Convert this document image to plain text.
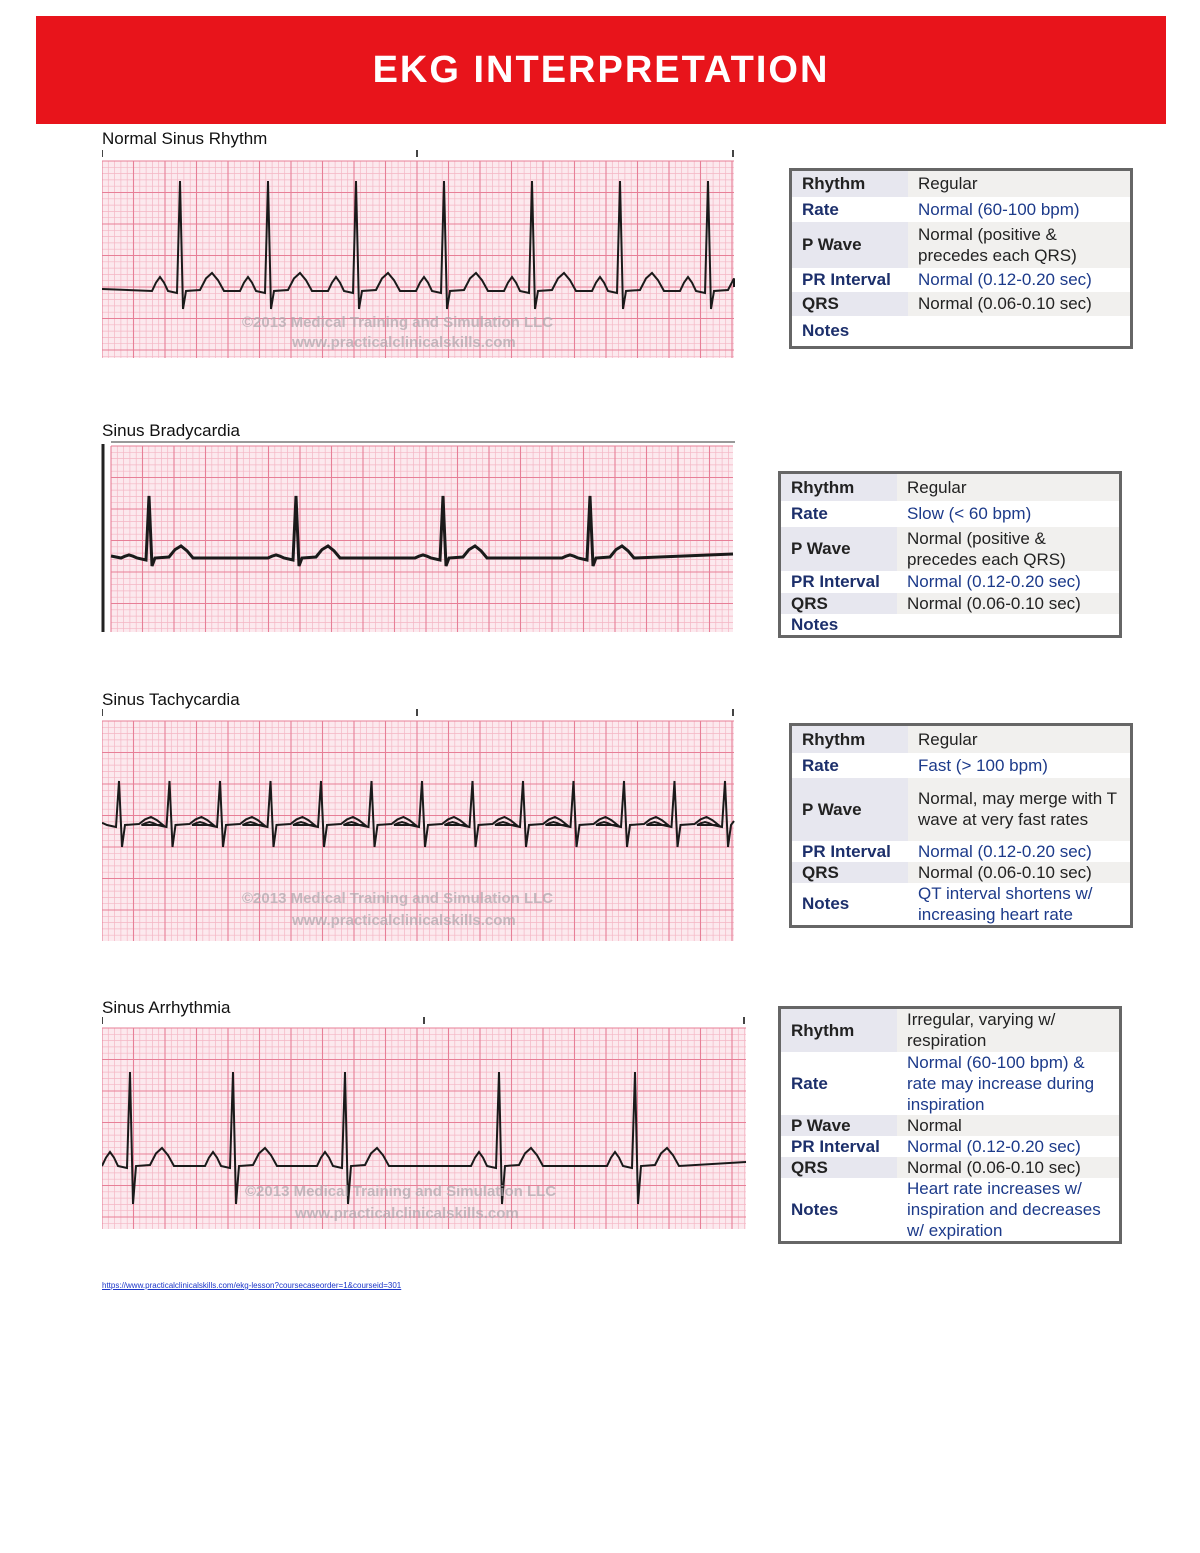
EKG INTERPRETATION
Normal Sinus Rhythm
©2013 Medical Training and Simulation LLC
www.practicalclinicalskills.com
Rhythm	Regular
Rate	Normal (60-100 bpm)
P Wave	Normal (positive & precedes each QRS)
PR Interval	Normal (0.12-0.20 sec)
QRS	Normal (0.06-0.10 sec)
Notes	
Sinus Bradycardia
Rhythm	Regular
Rate	Slow (< 60 bpm)
P Wave	Normal (positive & precedes each QRS)
PR Interval	Normal (0.12-0.20 sec)
QRS	Normal (0.06-0.10 sec)
Notes	
Sinus Tachycardia
©2013 Medical Training and Simulation LLC
www.practicalclinicalskills.com
Rhythm	Regular
Rate	Fast (> 100 bpm)
P Wave	Normal, may merge with T wave at very fast rates
PR Interval	Normal (0.12-0.20 sec)
QRS	Normal (0.06-0.10 sec)
Notes	QT interval shortens w/ increasing heart rate
Sinus Arrhythmia
©2013 Medical Training and Simulation LLC
www.practicalclinicalskills.com
Rhythm	Irregular, varying w/ respiration
Rate	Normal (60-100 bpm) & rate may increase during inspiration
P Wave	Normal
PR Interval	Normal (0.12-0.20 sec)
QRS	Normal (0.06-0.10 sec)
Notes	Heart rate increases w/ inspiration and decreases w/ expiration
https://www.practicalclinicalskills.com/ekg-lesson?coursecaseorder=1&courseid=301
